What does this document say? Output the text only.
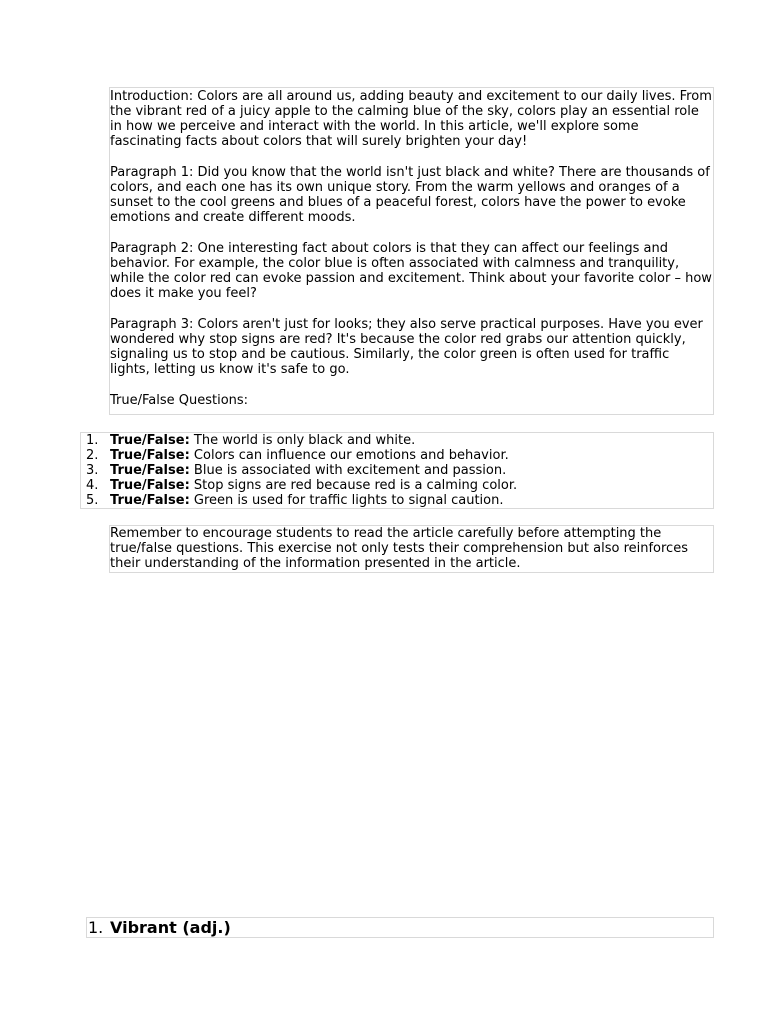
Introduction: Colors are all around us, adding beauty and excitement to our daily lives. From the vibrant red of a juicy apple to the calming blue of the sky, colors play an essential role in how we perceive and interact with the world. In this article, we'll explore some fascinating facts about colors that will surely brighten your day!

Paragraph 1: Did you know that the world isn't just black and white? There are thousands of colors, and each one has its own unique story. From the warm yellows and oranges of a sunset to the cool greens and blues of a peaceful forest, colors have the power to evoke emotions and create different moods.

Paragraph 2: One interesting fact about colors is that they can affect our feelings and behavior. For example, the color blue is often associated with calmness and tranquility, while the color red can evoke passion and excitement. Think about your favorite color – how does it make you feel?

Paragraph 3: Colors aren't just for looks; they also serve practical purposes. Have you ever wondered why stop signs are red? It's because the color red grabs our attention quickly, signaling us to stop and be cautious. Similarly, the color green is often used for traffic lights, letting us know it's safe to go.

True/False Questions:

1. True/False: The world is only black and white.
2. True/False: Colors can influence our emotions and behavior.
3. True/False: Blue is associated with excitement and passion.
4. True/False: Stop signs are red because red is a calming color.
5. True/False: Green is used for traffic lights to signal caution.
Remember to encourage students to read the article carefully before attempting the true/false questions. This exercise not only tests their comprehension but also reinforces their understanding of the information presented in the article.
1. Vibrant (adj.)
